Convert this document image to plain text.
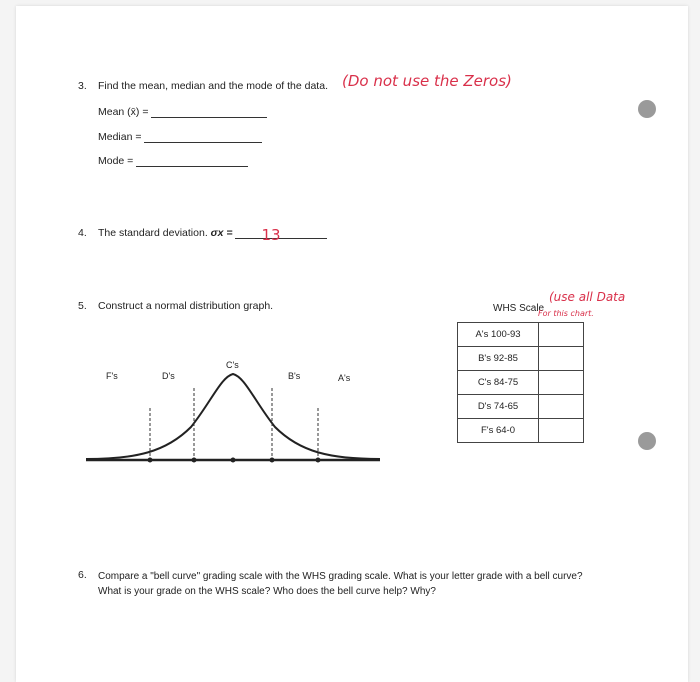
3. Find the mean, median and the mode of the data. (Do not use the Zeros)
Mean (x̄) =
Median =
Mode =
4. The standard deviation. σx = 13
5. Construct a normal distribution graph.
F's	D's
C's
B's	A's
WHS Scale
(use all Data
For this chart.
A's 100-93	
B's 92-85	
C's 84-75	
D's 74-65	
F's 64-0	
6. Compare a "bell curve" grading scale with the WHS grading scale. What is your letter grade with a bell curve?
What is your grade on the WHS scale? Who does the bell curve help? Why?
